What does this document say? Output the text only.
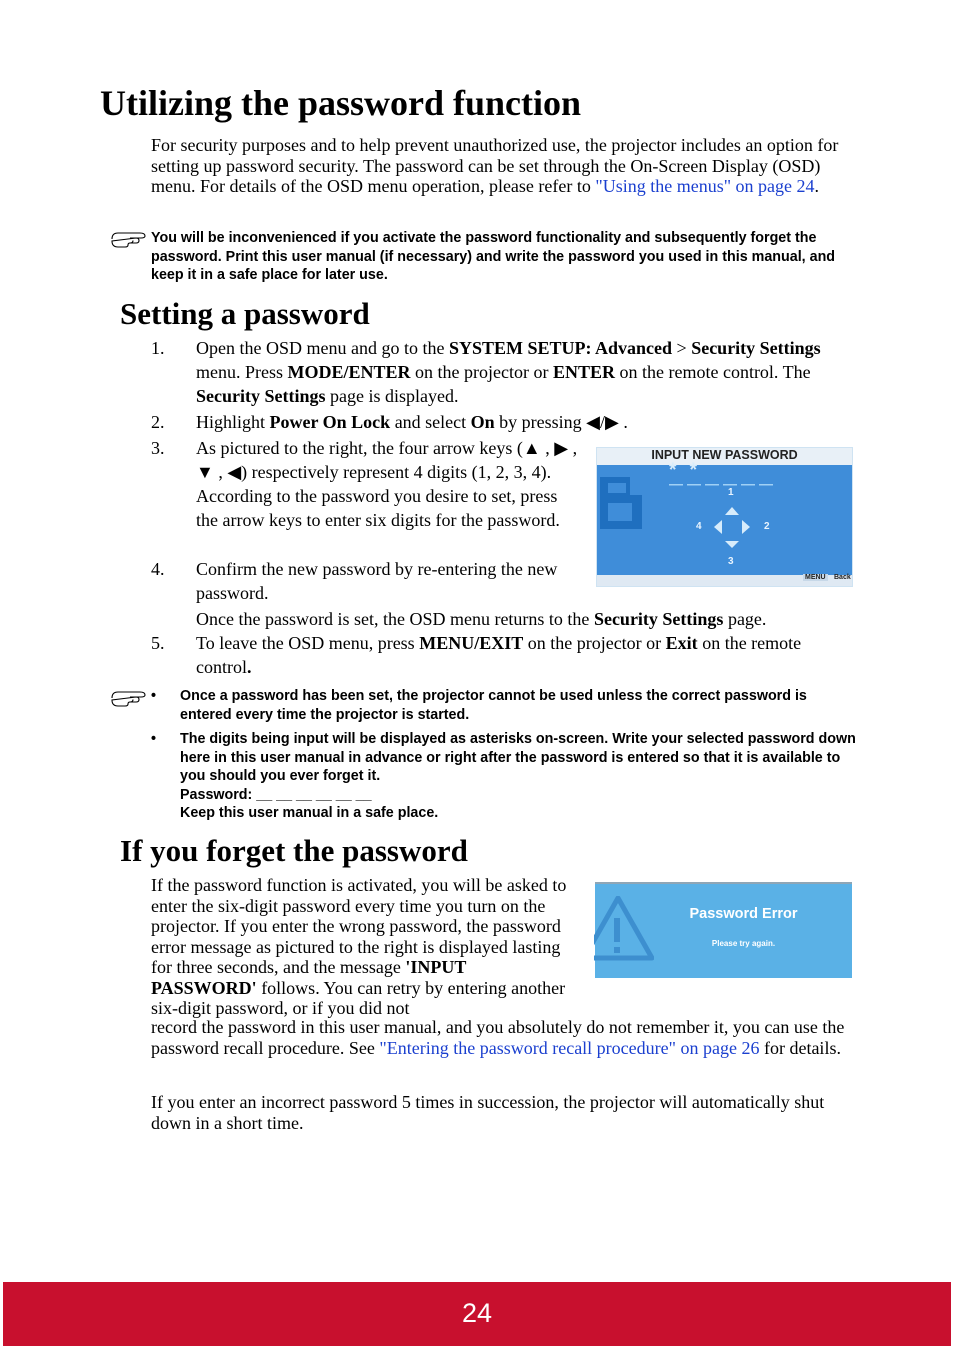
Utilizing the password function
For security purposes and to help prevent unauthorized use, the projector includes an option for setting up password security. The password can be set through the On-Screen Display (OSD) menu. For details of the OSD menu operation, please refer to "Using the menus" on page 24.
You will be inconvenienced if you activate the password functionality and subsequently forget the password. Print this user manual (if necessary) and write the password you used in this manual, and keep it in a safe place for later use.
Setting a password
1. Open the OSD menu and go to the SYSTEM SETUP: Advanced > Security Settings menu. Press MODE/ENTER on the projector or ENTER on the remote control. The Security Settings page is displayed.
2. Highlight Power On Lock and select On by pressing ◀/▶ .
3. As pictured to the right, the four arrow keys (▲ , ▶ , ▼ , ◀) respectively represent 4 digits (1, 2, 3, 4). According to the password you desire to set, press the arrow keys to enter six digits for the password.
4. Confirm the new password by re-entering the new password.
Once the password is set, the OSD menu returns to the Security Settings page.
5. To leave the OSD menu, press MENU/EXIT on the projector or Exit on the remote control.
INPUT NEW PASSWORD
* *
1
2
3
4
MENU Back
• Once a password has been set, the projector cannot be used unless the correct password is entered every time the projector is started.
• The digits being input will be displayed as asterisks on-screen. Write your selected password down here in this user manual in advance or right after the password is entered so that it is available to you should you ever forget it.
Password: __ __ __ __ __ __
Keep this user manual in a safe place.
If you forget the password
If the password function is activated, you will be asked to enter the six-digit password every time you turn on the projector. If you enter the wrong password, the password error message as pictured to the right is displayed lasting for three seconds, and the message 'INPUT PASSWORD' follows. You can retry by entering another six-digit password, or if you did not
record the password in this user manual, and you absolutely do not remember it, you can use the password recall procedure. See "Entering the password recall procedure" on page 26 for details.
If you enter an incorrect password 5 times in succession, the projector will automatically shut down in a short time.
Password Error
Please try again.
24
